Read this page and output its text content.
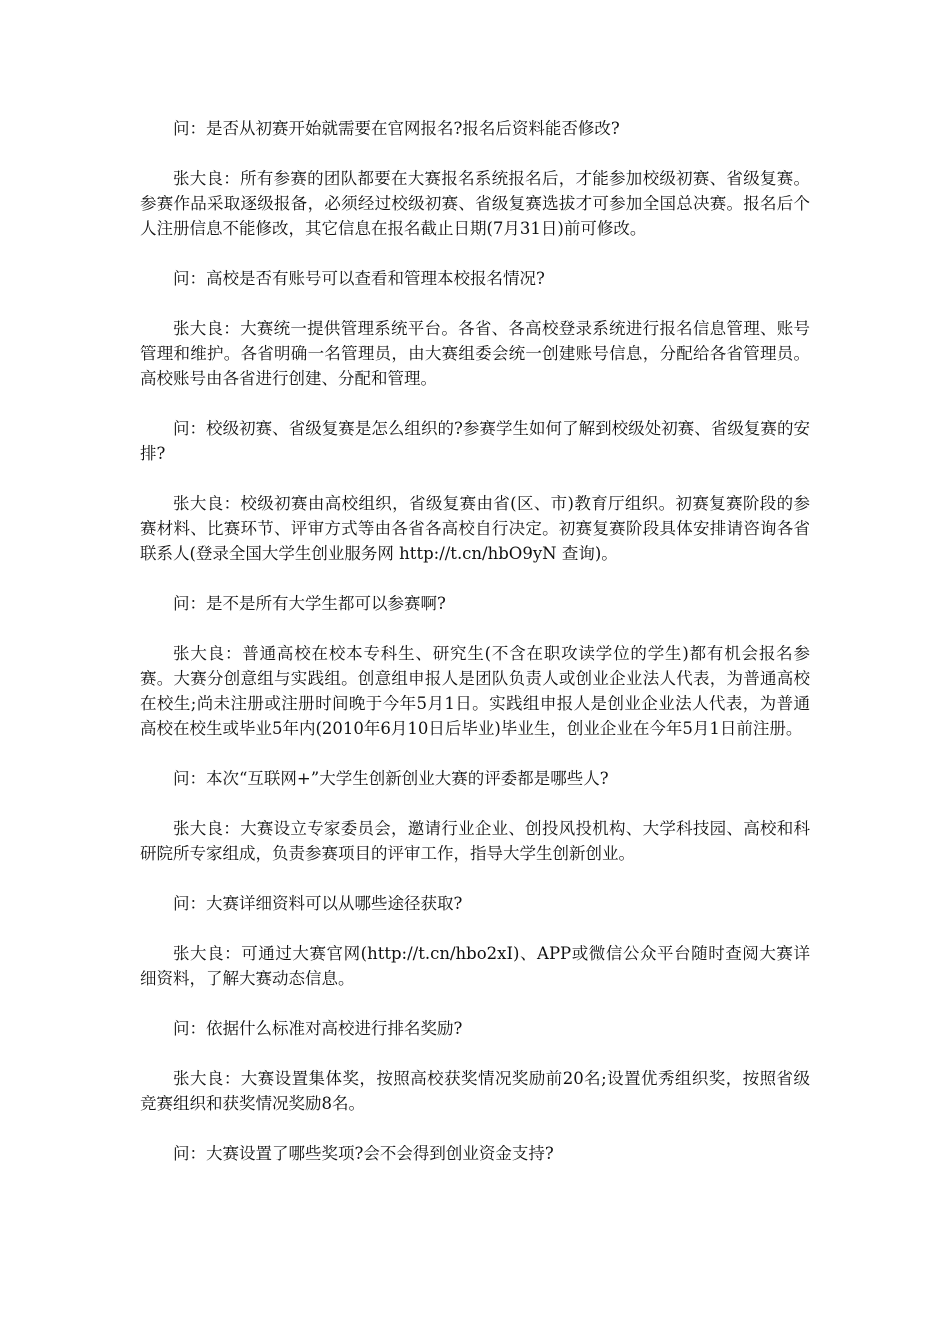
问：是否从初赛开始就需要在官网报名?报名后资料能否修改?

张大良：所有参赛的团队都要在大赛报名系统报名后，才能参加校级初赛、省级复赛。参赛作品采取逐级报备，必须经过校级初赛、省级复赛选拔才可参加全国总决赛。报名后个人注册信息不能修改，其它信息在报名截止日期(7月31日)前可修改。

问：高校是否有账号可以查看和管理本校报名情况?

张大良：大赛统一提供管理系统平台。各省、各高校登录系统进行报名信息管理、账号管理和维护。各省明确一名管理员，由大赛组委会统一创建账号信息，分配给各省管理员。高校账号由各省进行创建、分配和管理。

问：校级初赛、省级复赛是怎么组织的?参赛学生如何了解到校级处初赛、省级复赛的安排?

张大良：校级初赛由高校组织，省级复赛由省(区、市)教育厅组织。初赛复赛阶段的参赛材料、比赛环节、评审方式等由各省各高校自行决定。初赛复赛阶段具体安排请咨询各省联系人(登录全国大学生创业服务网 http://t.cn/hbO9yN 查询)。

问：是不是所有大学生都可以参赛啊?

张大良：普通高校在校本专科生、研究生(不含在职攻读学位的学生)都有机会报名参赛。大赛分创意组与实践组。创意组申报人是团队负责人或创业企业法人代表，为普通高校在校生;尚未注册或注册时间晚于今年5月1日。实践组申报人是创业企业法人代表，为普通高校在校生或毕业5年内(2010年6月10日后毕业)毕业生，创业企业在今年5月1日前注册。

问：本次“互联网+”大学生创新创业大赛的评委都是哪些人?

张大良：大赛设立专家委员会，邀请行业企业、创投风投机构、大学科技园、高校和科研院所专家组成，负责参赛项目的评审工作，指导大学生创新创业。

问：大赛详细资料可以从哪些途径获取?

张大良：可通过大赛官网(http://t.cn/hbo2xI)、APP或微信公众平台随时查阅大赛详细资料，了解大赛动态信息。

问：依据什么标准对高校进行排名奖励?

张大良：大赛设置集体奖，按照高校获奖情况奖励前20名;设置优秀组织奖，按照省级竞赛组织和获奖情况奖励8名。

问：大赛设置了哪些奖项?会不会得到创业资金支持?
